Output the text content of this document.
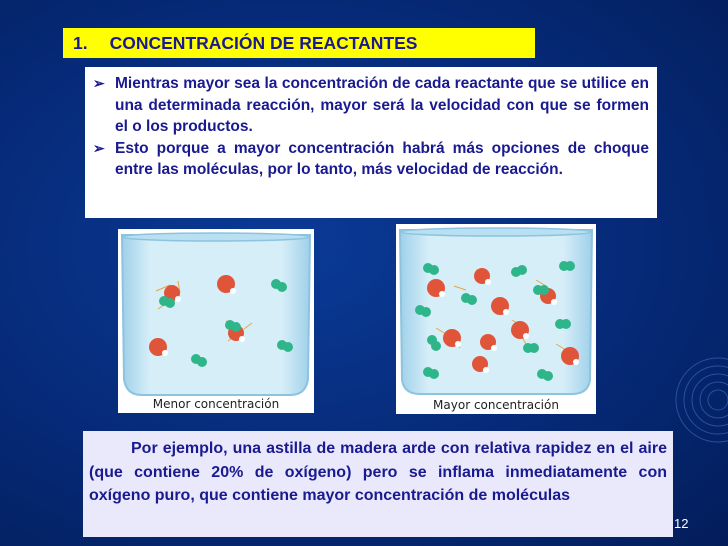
1. CONCENTRACIÓN DE REACTANTES
➢ Mientras mayor sea la concentración de cada reactante que se utilice en una determinada reacción, mayor será la velocidad con que se formen el o los productos.
➢ Esto porque a mayor concentración habrá más opciones de choque entre las moléculas, por lo tanto, más velocidad de reacción.
Menor concentración	Mayor concentración
Por ejemplo, una astilla de madera arde con relativa rapidez en el aire (que contiene 20% de oxígeno) pero se inflama inmediatamente con oxígeno puro, que contiene mayor concentración de moléculas
12
